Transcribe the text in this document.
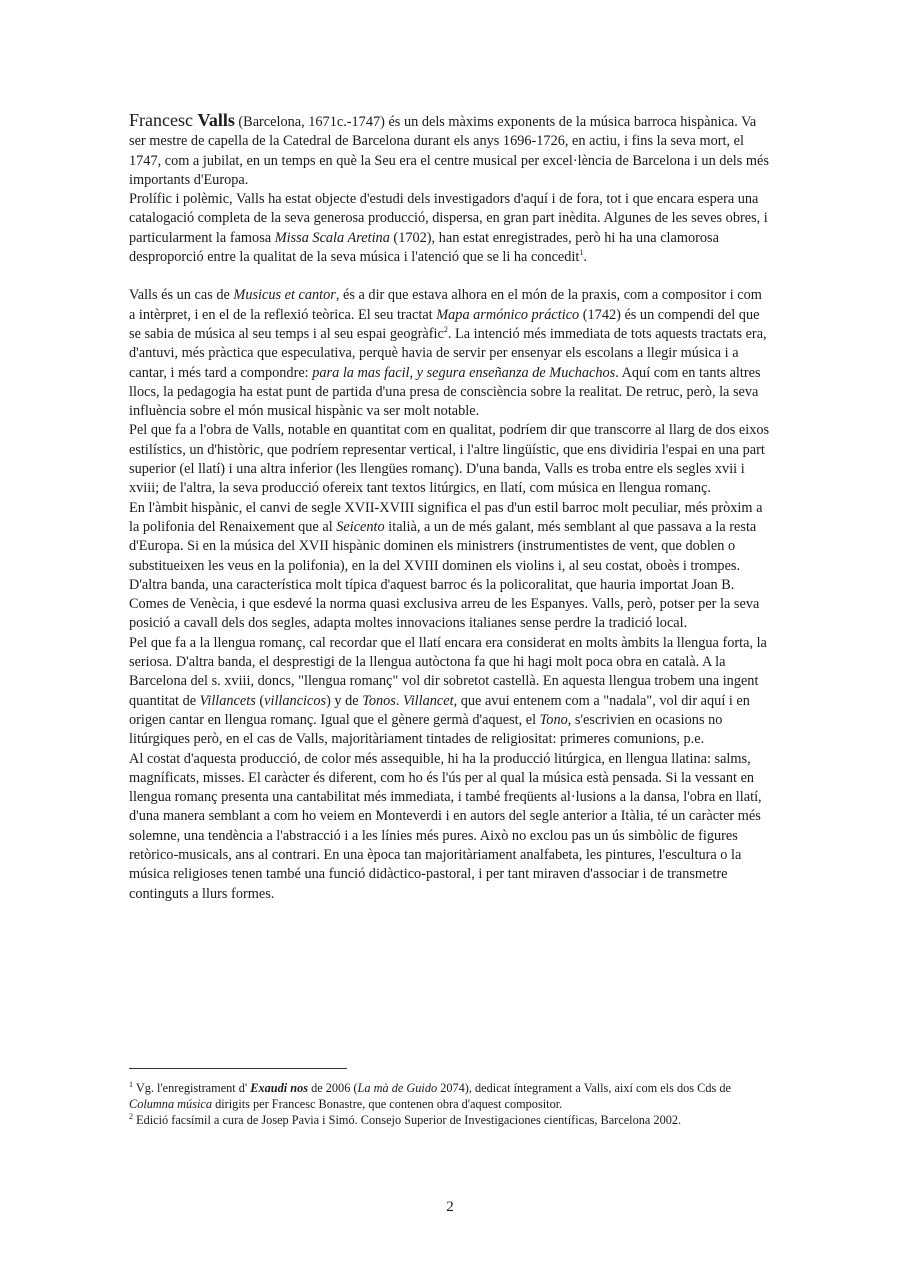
Francesc Valls (Barcelona, 1671c.-1747) és un dels màxims exponents de la música barroca hispànica. Va ser mestre de capella de la Catedral de Barcelona durant els anys 1696-1726, en actiu, i fins la seva mort, el 1747, com a jubilat, en un temps en què la Seu era el centre musical per excel·lència de Barcelona i un dels més importants d'Europa.

Prolífic i polèmic, Valls ha estat objecte d'estudi dels investigadors d'aquí i de fora, tot i que encara espera una catalogació completa de la seva generosa producció, dispersa, en gran part inèdita. Algunes de les seves obres, i particularment la famosa Missa Scala Aretina (1702), han estat enregistrades, però hi ha una clamorosa desproporció entre la qualitat de la seva música i l'atenció que se li ha concedit$^1$.

Valls és un cas de Musicus et cantor, és a dir que estava alhora en el món de la praxis, com a compositor i com a intèrpret, i en el de la reflexió teòrica. El seu tractat Mapa armónico práctico (1742) és un compendi del que se sabia de música al seu temps i al seu espai geogràfic$^2$. La intenció més immediata de tots aquests tractats era, d'antuvi, més pràctica que especulativa, perquè havia de servir per ensenyar els escolans a llegir música i a cantar, i més tard a compondre: para la mas facil, y segura enseñanza de Muchachos. Aquí com en tants altres llocs, la pedagogia ha estat punt de partida d'una presa de consciència sobre la realitat. De retruc, però, la seva influència sobre el món musical hispànic va ser molt notable.

Pel que fa a l'obra de Valls, notable en quantitat com en qualitat, podríem dir que transcorre al llarg de dos eixos estilístics, un d'històric, que podríem representar vertical, i l'altre lingüístic, que ens dividiria l'espai en una part superior (el llatí) i una altra inferior (les llengües romanç). D'una banda, Valls es troba entre els segles xvii i xviii; de l'altra, la seva producció ofereix tant textos litúrgics, en llatí, com música en llengua romanç.

En l'àmbit hispànic, el canvi de segle XVII-XVIII significa el pas d'un estil barroc molt peculiar, més pròxim a la polifonia del Renaixement que al Seicento italià, a un de més galant, més semblant al que passava a la resta d'Europa. Si en la música del XVII hispànic dominen els ministrers (instrumentistes de vent, que doblen o substitueixen les veus en la polifonia), en la del XVIII dominen els violins i, al seu costat, oboès i trompes. D'altra banda, una característica molt típica d'aquest barroc és la policoralitat, que hauria importat Joan B. Comes de Venècia, i que esdevé la norma quasi exclusiva arreu de les Espanyes. Valls, però, potser per la seva posició a cavall dels dos segles, adapta moltes innovacions italianes sense perdre la tradició local.

Pel que fa a la llengua romanç, cal recordar que el llatí encara era considerat en molts àmbits la llengua forta, la seriosa. D'altra banda, el desprestigi de la llengua autòctona fa que hi hagi molt poca obra en català. A la Barcelona del s. xviii, doncs, "llengua romanç" vol dir sobretot castellà. En aquesta llengua trobem una ingent quantitat de Villancets (villancicos) y de Tonos. Villancet, que avui entenem com a "nadala", vol dir aquí i en origen cantar en llengua romanç. Igual que el gènere germà d'aquest, el Tono, s'escrivien en ocasions no litúrgiques però, en el cas de Valls, majoritàriament tintades de religiositat: primeres comunions, p.e.

Al costat d'aquesta producció, de color més assequible, hi ha la producció litúrgica, en llengua llatina: salms, magníficats, misses. El caràcter és diferent, com ho és l'ús per al qual la música està pensada. Si la vessant en llengua romanç presenta una cantabilitat més immediata, i també freqüents al·lusions a la dansa, l'obra en llatí, d'una manera semblant a com ho veiem en Monteverdi i en autors del segle anterior a Itàlia, té un caràcter més solemne, una tendència a l'abstracció i a les línies més pures. Això no exclou pas un ús simbòlic de figures retòrico-musicals, ans al contrari. En una època tan majoritàriament analfabeta, les pintures, l'escultura o la música religioses tenen també una funció didàctico-pastoral, i per tant miraven d'associar i de transmetre continguts a llurs formes.

$^1$ Vg. l'enregistrament d' Exaudi nos de 2006 (La mà de Guido 2074), dedicat íntegrament a Valls, així com els dos Cds de Columna música dirigits per Francesc Bonastre, que contenen obra d'aquest compositor.

$^2$ Edició facsímil a cura de Josep Pavia i Simó. Consejo Superior de Investigaciones científicas, Barcelona 2002.

2
